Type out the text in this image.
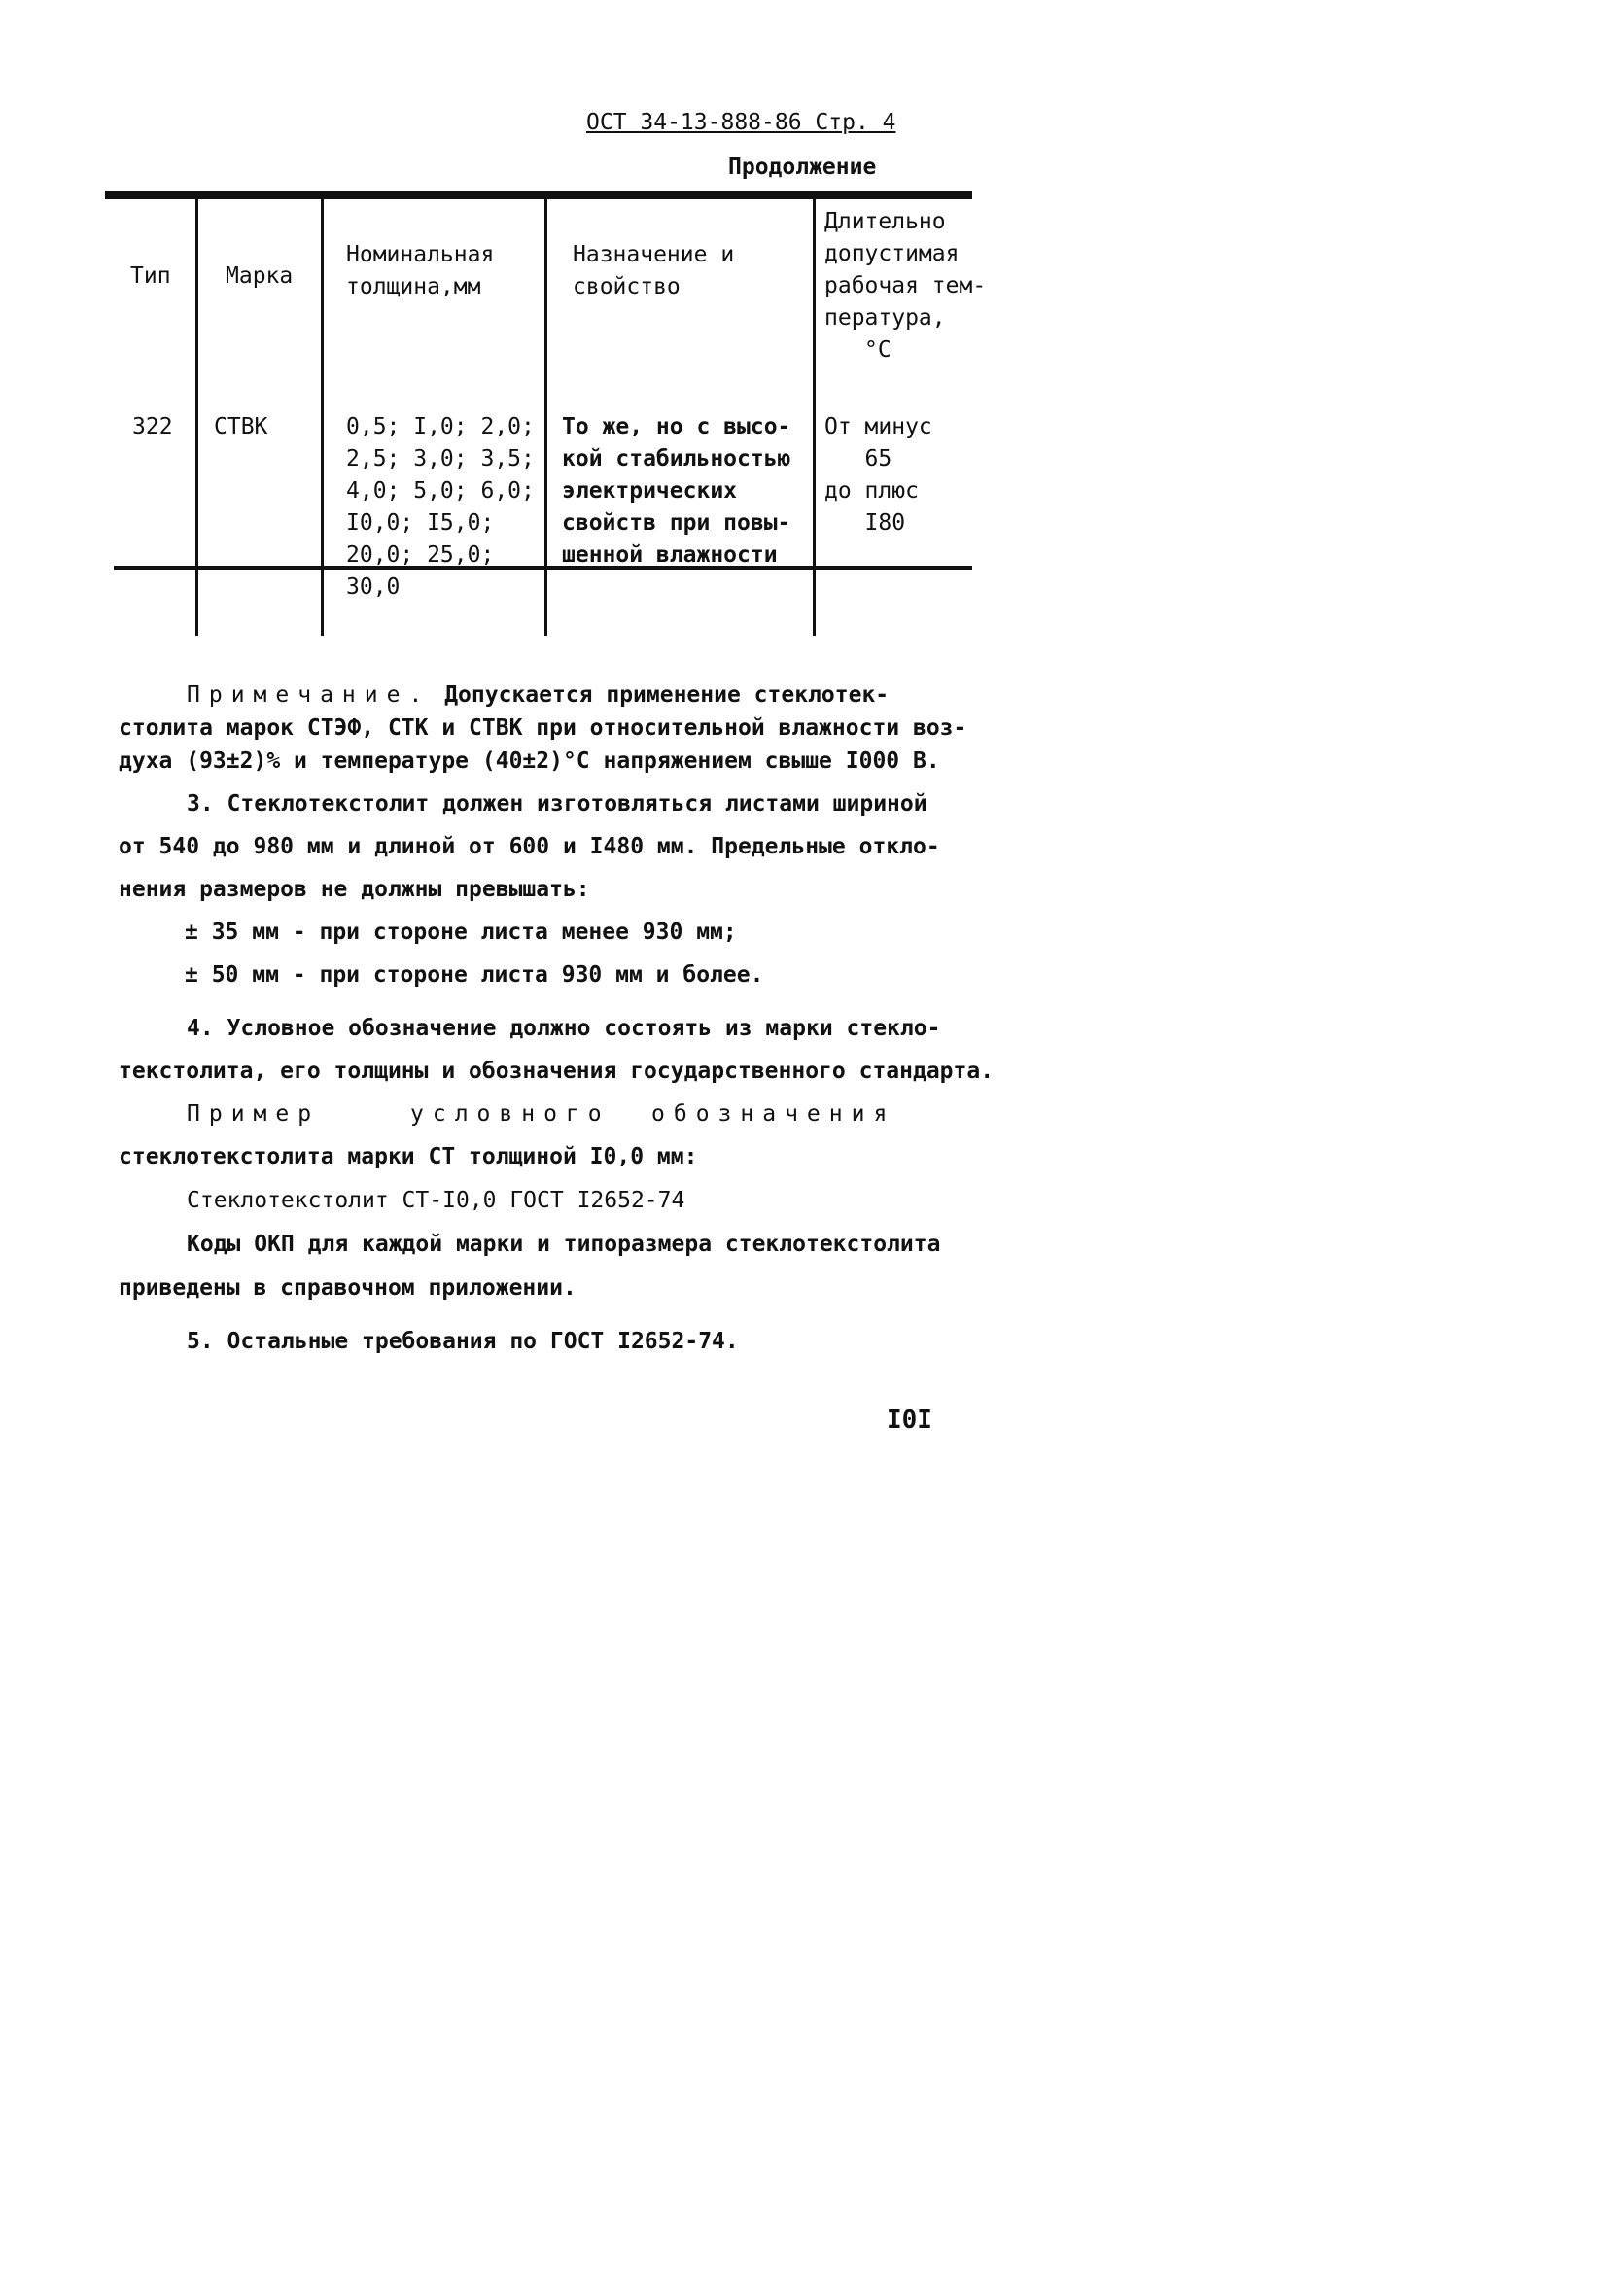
ОСТ 34-13-888-86 Стр. 4
Продолжение
Тип Марка
Номинальная
толщина,мм
Назначение и
свойство
Длительно
допустимая
рабочая тем-
пература,
°C
322 СТВК	0,5; I,0; 2,0;
2,5; 3,0; 3,5;
4,0; 5,0; 6,0;
I0,0; I5,0;
20,0; 25,0;
30,0
То же, но с высо-
кой стабильностью
электрических
свойств при повы-
шенной влажности
От минус
65
до плюс
I80
Примечание. Допускается применение стеклотек-
столита марок СТЭФ, СТК и СТВК при относительной влажности воз-
духа (93±2)% и температуре (40±2)°С напряжением свыше I000 В.
3. Стеклотекстолит должен изготовляться листами шириной
от 540 до 980 мм и длиной от 600 и I480 мм. Предельные откло-
нения размеров не должны превышать:
± 35 мм - при стороне листа менее 930 мм;
± 50 мм - при стороне листа 930 мм и более.
4. Условное обозначение должно состоять из марки стекло-
текстолита, его толщины и обозначения государственного стандарта.
Пример	условного обозначения
стеклотекстолита марки СТ толщиной I0,0 мм:
Стеклотекстолит СТ-I0,0 ГОСТ I2652-74
Коды ОКП для каждой марки и типоразмера стеклотекстолита
приведены в справочном приложении.
5. Остальные требования по ГОСТ I2652-74.
I0I
